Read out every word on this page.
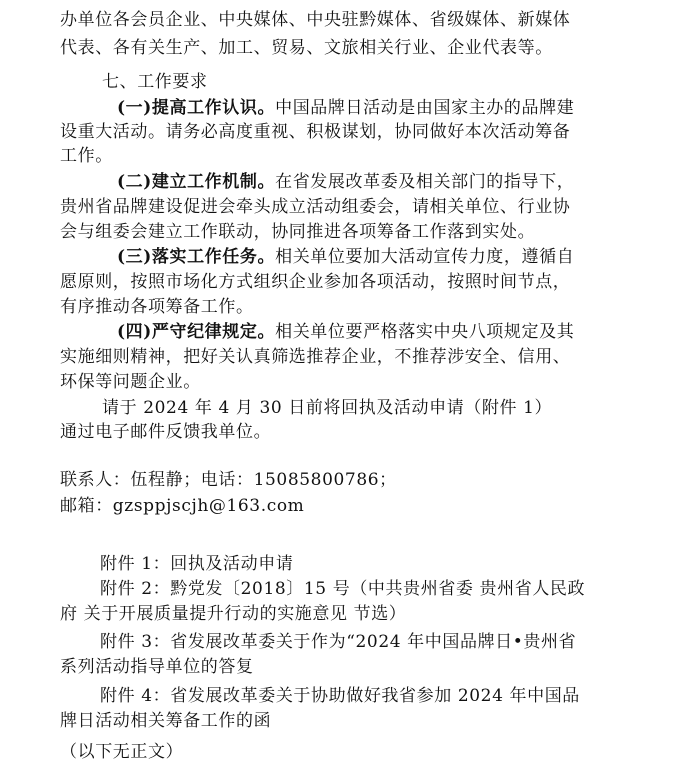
办单位各会员企业、中央媒体、中央驻黔媒体、省级媒体、新媒体
代表、各有关生产、加工、贸易、文旅相关行业、企业代表等。
七、工作要求
(一)提高工作认识。中国品牌日活动是由国家主办的品牌建
设重大活动。请务必高度重视、积极谋划，协同做好本次活动筹备
工作。
(二)建立工作机制。在省发展改革委及相关部门的指导下，
贵州省品牌建设促进会牵头成立活动组委会，请相关单位、行业协
会与组委会建立工作联动，协同推进各项筹备工作落到实处。
(三)落实工作任务。相关单位要加大活动宣传力度，遵循自
愿原则，按照市场化方式组织企业参加各项活动，按照时间节点，
有序推动各项筹备工作。
(四)严守纪律规定。相关单位要严格落实中央八项规定及其
实施细则精神，把好关认真筛选推荐企业，不推荐涉安全、信用、
环保等问题企业。
请于 2024 年 4 月 30 日前将回执及活动申请（附件 1）
通过电子邮件反馈我单位。
联系人：伍程静；电话：15085800786；
邮箱：gzsppjscjh@163.com
附件 1：回执及活动申请
附件 2：黔党发〔2018〕15 号（中共贵州省委 贵州省人民政
府 关于开展质量提升行动的实施意见 节选）
附件 3：省发展改革委关于作为“2024 年中国品牌日•贵州省
系列活动指导单位的答复
附件 4：省发展改革委关于协助做好我省参加 2024 年中国品
牌日活动相关筹备工作的函
（以下无正文）
